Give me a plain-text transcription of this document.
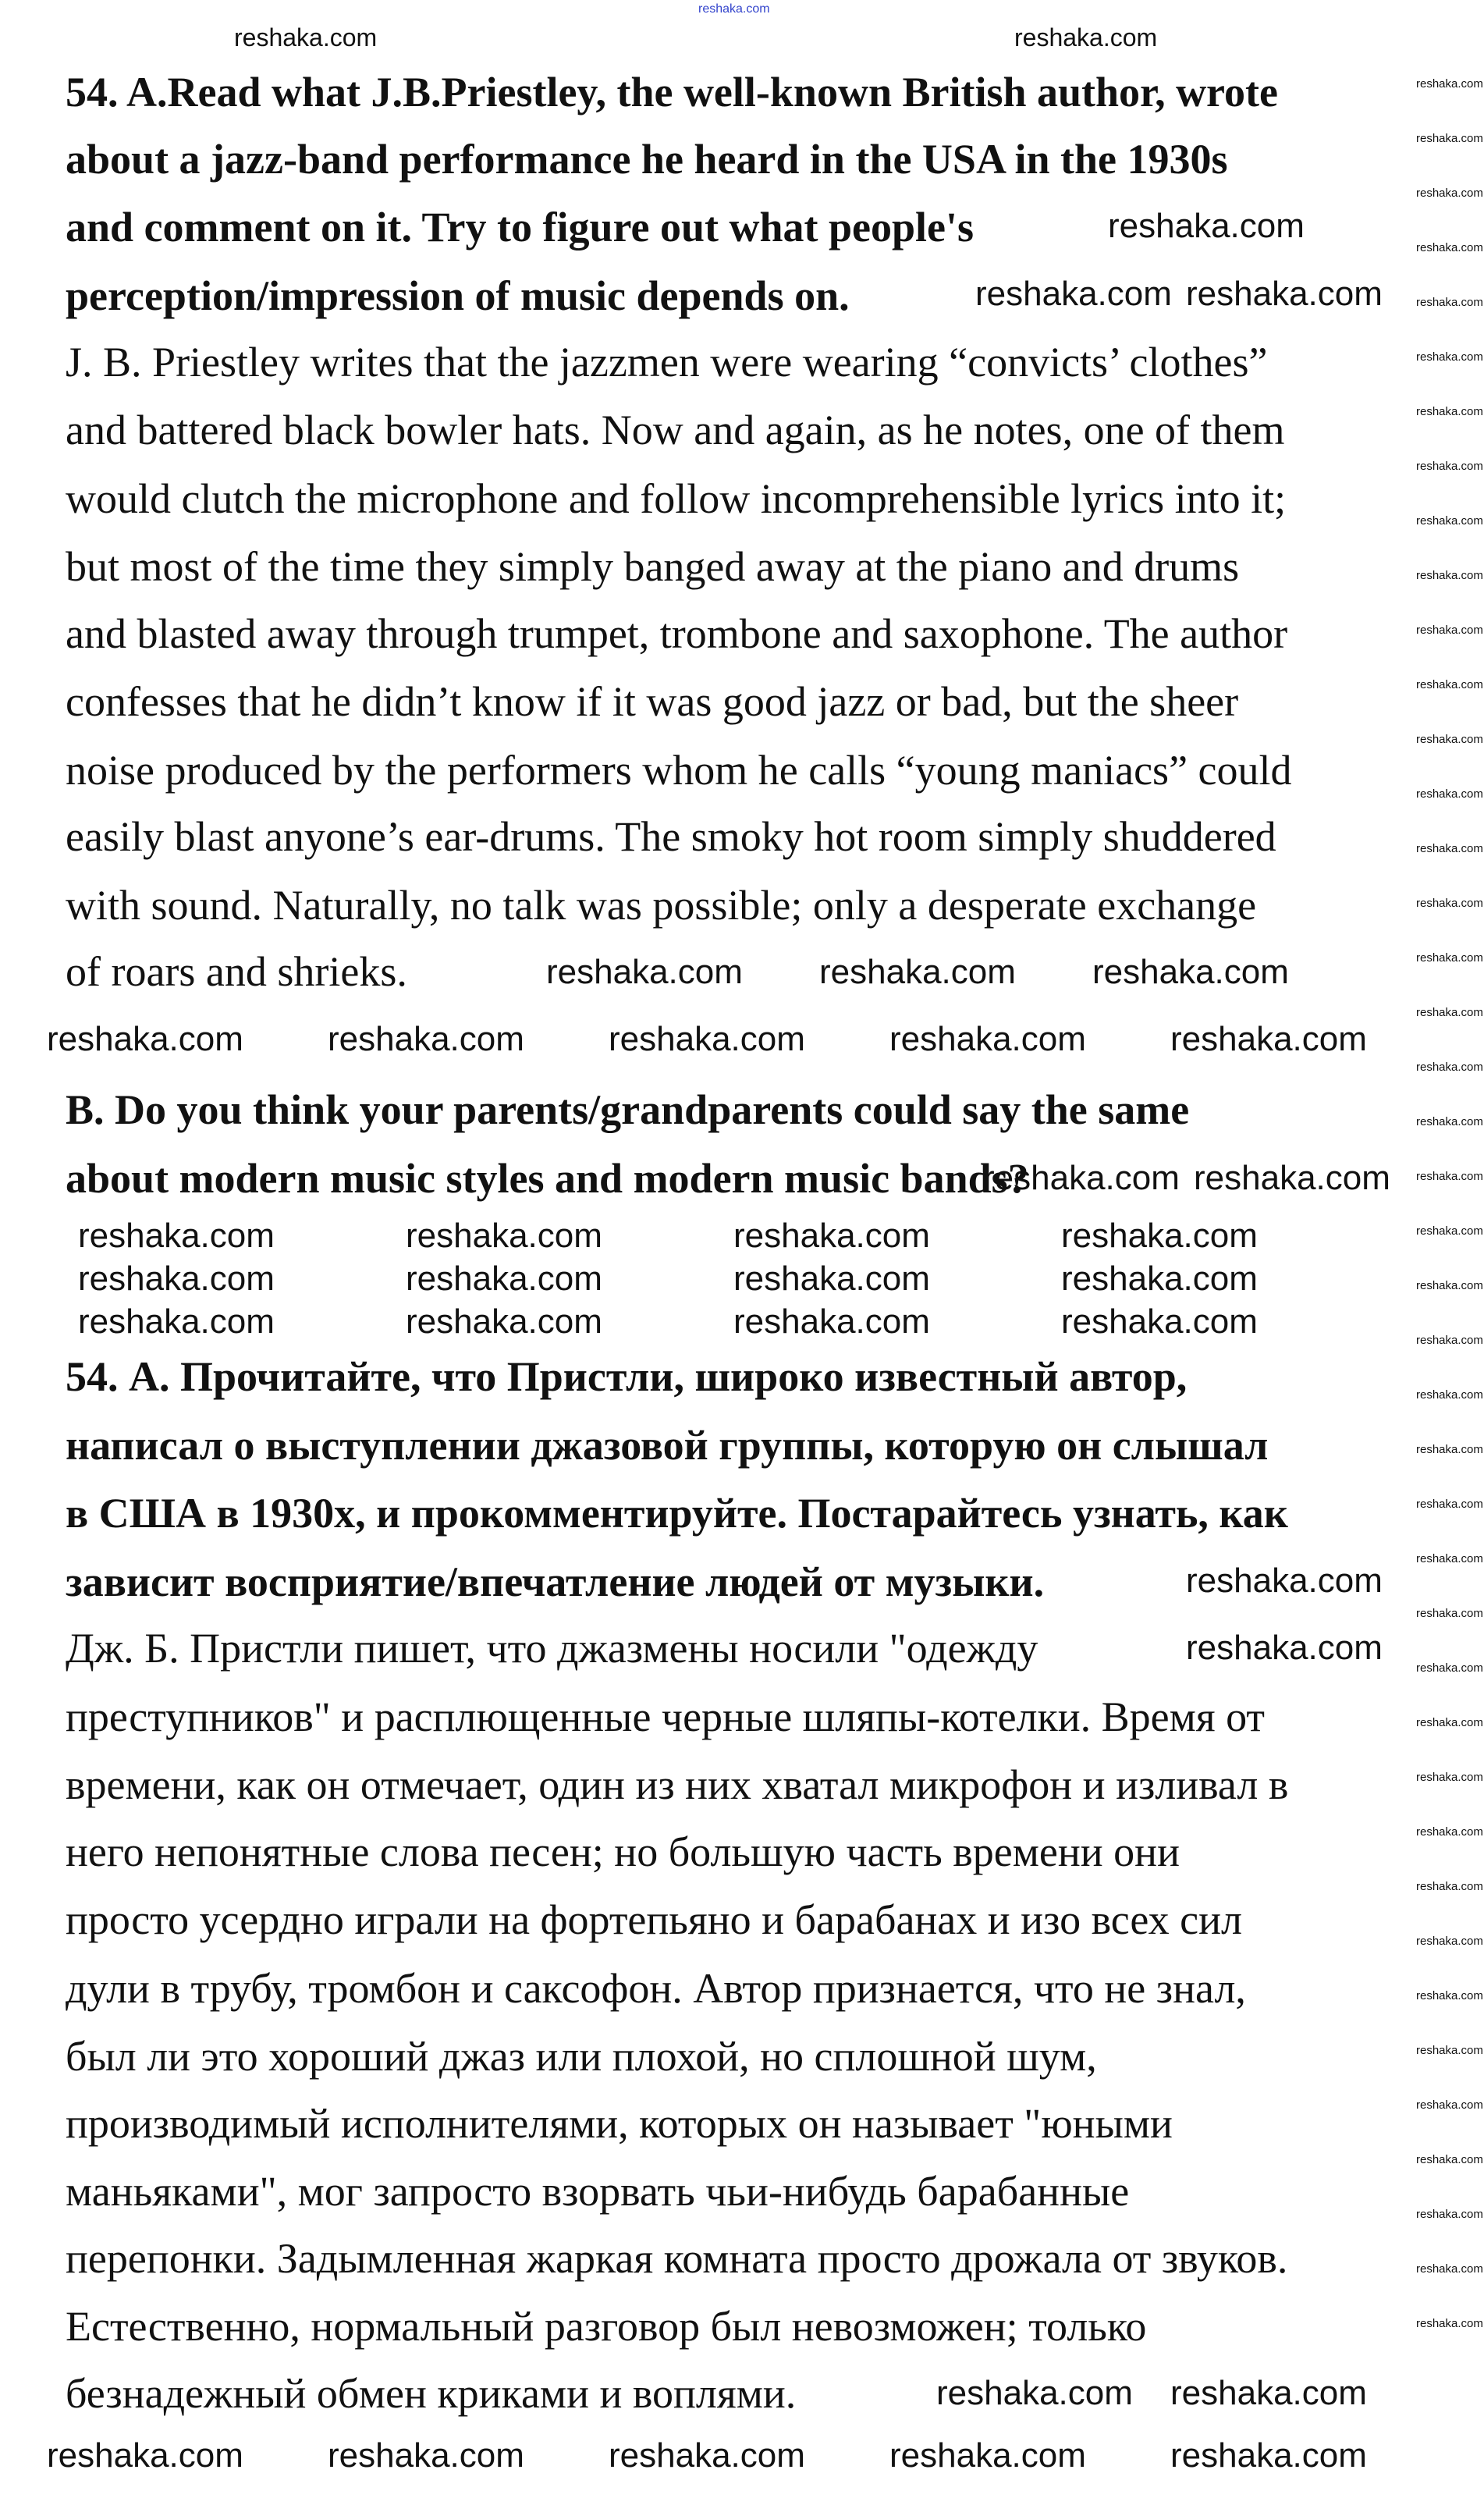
54. A.Read what J.B.Priestley, the well-known British author, wrote
about a jazz-band performance he heard in the USA in the 1930s
and comment on it. Try to figure out what people's
perception/impression of music depends on.
J. B. Priestley writes that the jazzmen were wearing “convicts’ clothes”
and battered black bowler hats. Now and again, as he notes, one of them
would clutch the microphone and follow incomprehensible lyrics into it;
but most of the time they simply banged away at the piano and drums
and blasted away through trumpet, trombone and saxophone. The author
confesses that he didn’t know if it was good jazz or bad, but the sheer
noise produced by the performers whom he calls “young maniacs” could
easily blast anyone’s ear-drums. The smoky hot room simply shuddered
with sound. Naturally, no talk was possible; only a desperate exchange
of roars and shrieks.
B. Do you think your parents/grandparents could say the same
about modern music styles and modern music bands?
54. А. Прочитайте, что Пристли, широко известный автор,
написал о выступлении джазовой группы, которую он слышал
в США в 1930х, и прокомментируйте. Постарайтесь узнать, как
зависит восприятие/впечатление людей от музыки.
Дж. Б. Пристли пишет, что джазмены носили "одежду
преступников" и расплющенные черные шляпы-котелки. Время от
времени, как он отмечает, один из них хватал микрофон и изливал в
него непонятные слова песен; но большую часть времени они
просто усердно играли на фортепьяно и барабанах и изо всех сил
дули в трубу, тромбон и саксофон. Автор признается, что не знал,
был ли это хороший джаз или плохой, но сплошной шум,
производимый исполнителями, которых он называет "юными
маньяками", мог запросто взорвать чьи-нибудь барабанные
перепонки. Задымленная жаркая комната просто дрожала от звуков.
Естественно, нормальный разговор был невозможен; только
безнадежный обмен криками и воплями.
reshaka.com
reshaka.com reshaka.com
reshaka.com reshaka.com reshaka.com
reshaka.com reshaka.com reshaka.com reshaka.com reshaka.com
reshaka.com reshaka.com
reshaka.com	reshaka.com	reshaka.com	reshaka.com
reshaka.com	reshaka.com	reshaka.com	reshaka.com
reshaka.com	reshaka.com	reshaka.com	reshaka.com
reshaka.com
reshaka.com
reshaka.com reshaka.com
reshaka.com reshaka.com reshaka.com reshaka.com reshaka.com
reshaka.com	reshaka.com
reshaka.com
reshaka.com
reshaka.com
reshaka.com
reshaka.com
reshaka.com
reshaka.com
reshaka.com
reshaka.com
reshaka.com
reshaka.com
reshaka.com
reshaka.com
reshaka.com
reshaka.com
reshaka.com
reshaka.com
reshaka.com
reshaka.com
reshaka.com
reshaka.com
reshaka.com
reshaka.com
reshaka.com
reshaka.com
reshaka.com
reshaka.com
reshaka.com
reshaka.com
reshaka.com
reshaka.com
reshaka.com
reshaka.com
reshaka.com
reshaka.com
reshaka.com
reshaka.com
reshaka.com
reshaka.com
reshaka.com
reshaka.com
reshaka.com
reshaka.com
